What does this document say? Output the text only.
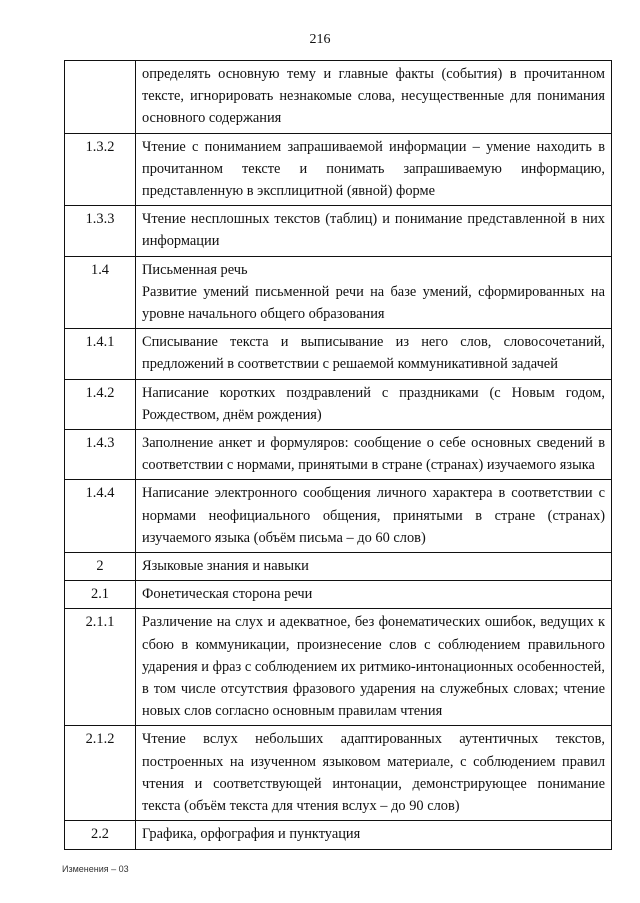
216

	определять основную тему и главные факты (события) в прочитанном тексте, игнорировать незнакомые слова, несущественные для понимания основного содержания

1.3.2	Чтение с пониманием запрашиваемой информации – умение находить в прочитанном тексте и понимать запрашиваемую информацию, представленную в эксплицитной (явной) форме

1.3.3	Чтение несплошных текстов (таблиц) и понимание представленной в них информации

1.4	Письменная речь
Развитие умений письменной речи на базе умений, сформированных на уровне начального общего образования

1.4.1	Списывание текста и выписывание из него слов, словосочетаний, предложений в соответствии с решаемой коммуникативной задачей

1.4.2	Написание коротких поздравлений с праздниками (с Новым годом, Рождеством, днём рождения)

1.4.3	Заполнение анкет и формуляров: сообщение о себе основных сведений в соответствии с нормами, принятыми в стране (странах) изучаемого языка

1.4.4	Написание электронного сообщения личного характера в соответствии с нормами неофициального общения, принятыми в стране (странах) изучаемого языка (объём письма – до 60 слов)

2	Языковые знания и навыки

2.1	Фонетическая сторона речи

2.1.1	Различение на слух и адекватное, без фонематических ошибок, ведущих к сбою в коммуникации, произнесение слов с соблюдением правильного ударения и фраз с соблюдением их ритмико-интонационных особенностей, в том числе отсутствия фразового ударения на служебных словах; чтение новых слов согласно основным правилам чтения

2.1.2	Чтение вслух небольших адаптированных аутентичных текстов, построенных на изученном языковом материале, с соблюдением правил чтения и соответствующей интонации, демонстрирующее понимание текста (объём текста для чтения вслух – до 90 слов)

2.2	Графика, орфография и пунктуация
Изменения – 03
